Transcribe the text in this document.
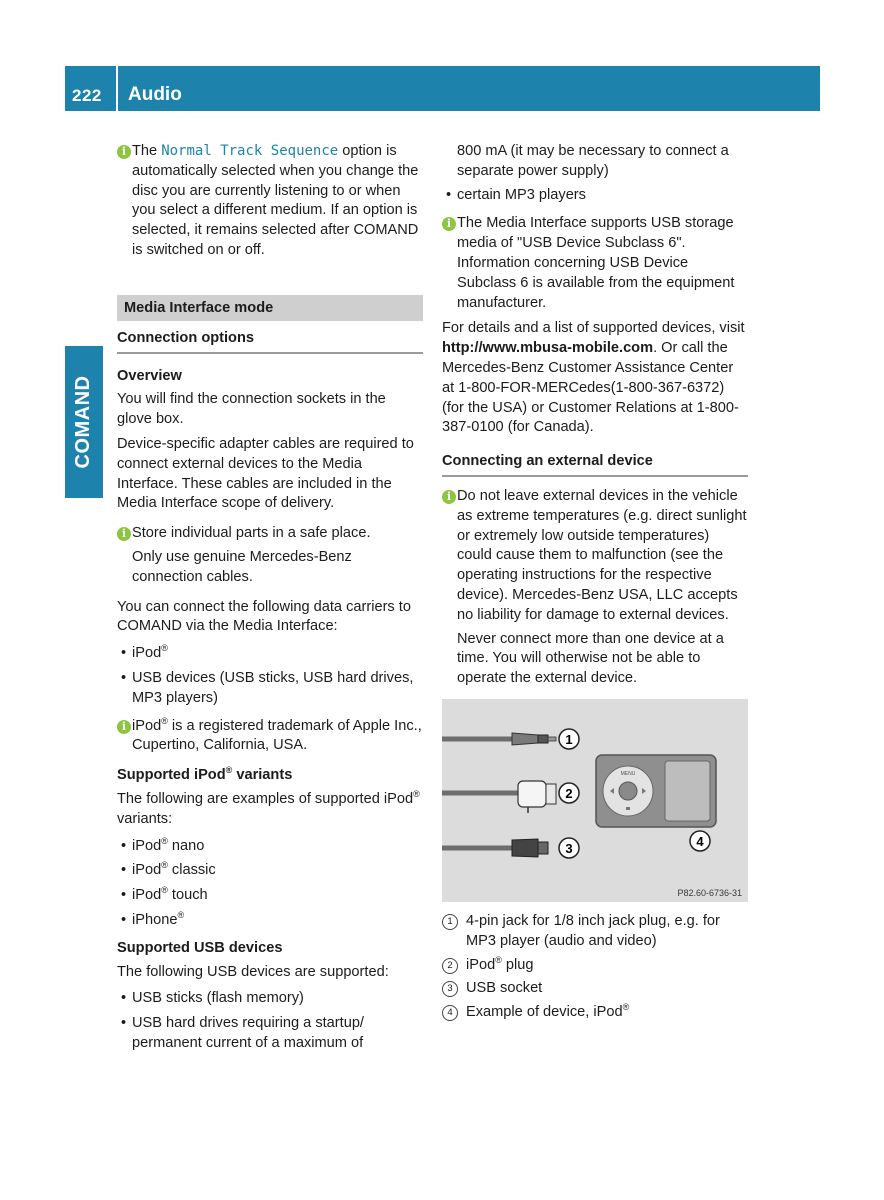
222 Audio
COMAND
i The Normal Track Sequence option is automatically selected when you change the disc you are currently listening to or when you select a different medium. If an option is selected, it remains selected after COMAND is switched on or off.

Media Interface mode
Connection options
Overview

You will find the connection sockets in the glove box.

Device-specific adapter cables are required to connect external devices to the Media Interface. These cables are included in the Media Interface scope of delivery.

i Store individual parts in a safe place.

Only use genuine Mercedes-Benz connection cables.

You can connect the following data carriers to COMAND via the Media Interface:

• iPod®
• USB devices (USB sticks, USB hard drives, MP3 players)
i iPod® is a registered trademark of Apple Inc., Cupertino, California, USA.

Supported iPod® variants

The following are examples of supported iPod® variants:

• iPod® nano
• iPod® classic
• iPod® touch
• iPhone®
Supported USB devices

The following USB devices are supported:

• USB sticks (flash memory)
• USB hard drives requiring a startup/ permanent current of a maximum of

800 mA (it may be necessary to connect a separate power supply)

• certain MP3 players
i The Media Interface supports USB storage media of "USB Device Subclass 6". Information concerning USB Device Subclass 6 is available from the equipment manufacturer.

For details and a list of supported devices, visit http://www.mbusa-mobile.com. Or call the Mercedes-Benz Customer Assistance Center at 1-800-FOR-MERCedes(1-800-367-6372) (for the USA) or Customer Relations at 1-800-387-0100 (for Canada).

Connecting an external device
i Do not leave external devices in the vehicle as extreme temperatures (e.g. direct sunlight or extremely low outside temperatures) could cause them to malfunction (see the operating instructions for the respective device). Mercedes-Benz USA, LLC accepts no liability for damage to external devices.

Never connect more than one device at a time. You will otherwise not be able to operate the external device.

1
2
3
MENU
4
P82.60-6736-31
1 4-pin jack for 1/8 inch jack plug, e.g. for MP3 player (audio and video)
2 iPod® plug
3 USB socket
4 Example of device, iPod®
